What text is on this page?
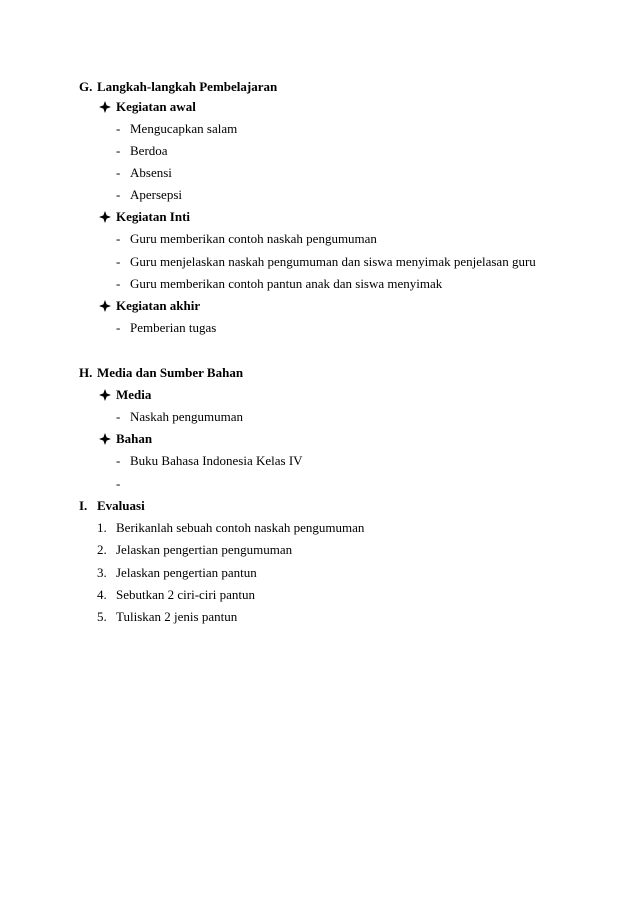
G. Langkah-langkah Pembelajaran
Kegiatan awal
- Mengucapkan salam
- Berdoa
- Absensi
- Apersepsi
Kegiatan Inti
- Guru memberikan contoh naskah pengumuman
- Guru menjelaskan naskah pengumuman dan siswa menyimak penjelasan guru
- Guru memberikan contoh pantun anak dan siswa menyimak
Kegiatan akhir
- Pemberian tugas
H. Media dan Sumber Bahan
Media
- Naskah pengumuman
Bahan
- Buku Bahasa Indonesia Kelas IV
-
I. Evaluasi
1. Berikanlah sebuah contoh naskah pengumuman
2. Jelaskan pengertian pengumuman
3. Jelaskan pengertian pantun
4. Sebutkan 2 ciri-ciri pantun
5. Tuliskan 2 jenis pantun
